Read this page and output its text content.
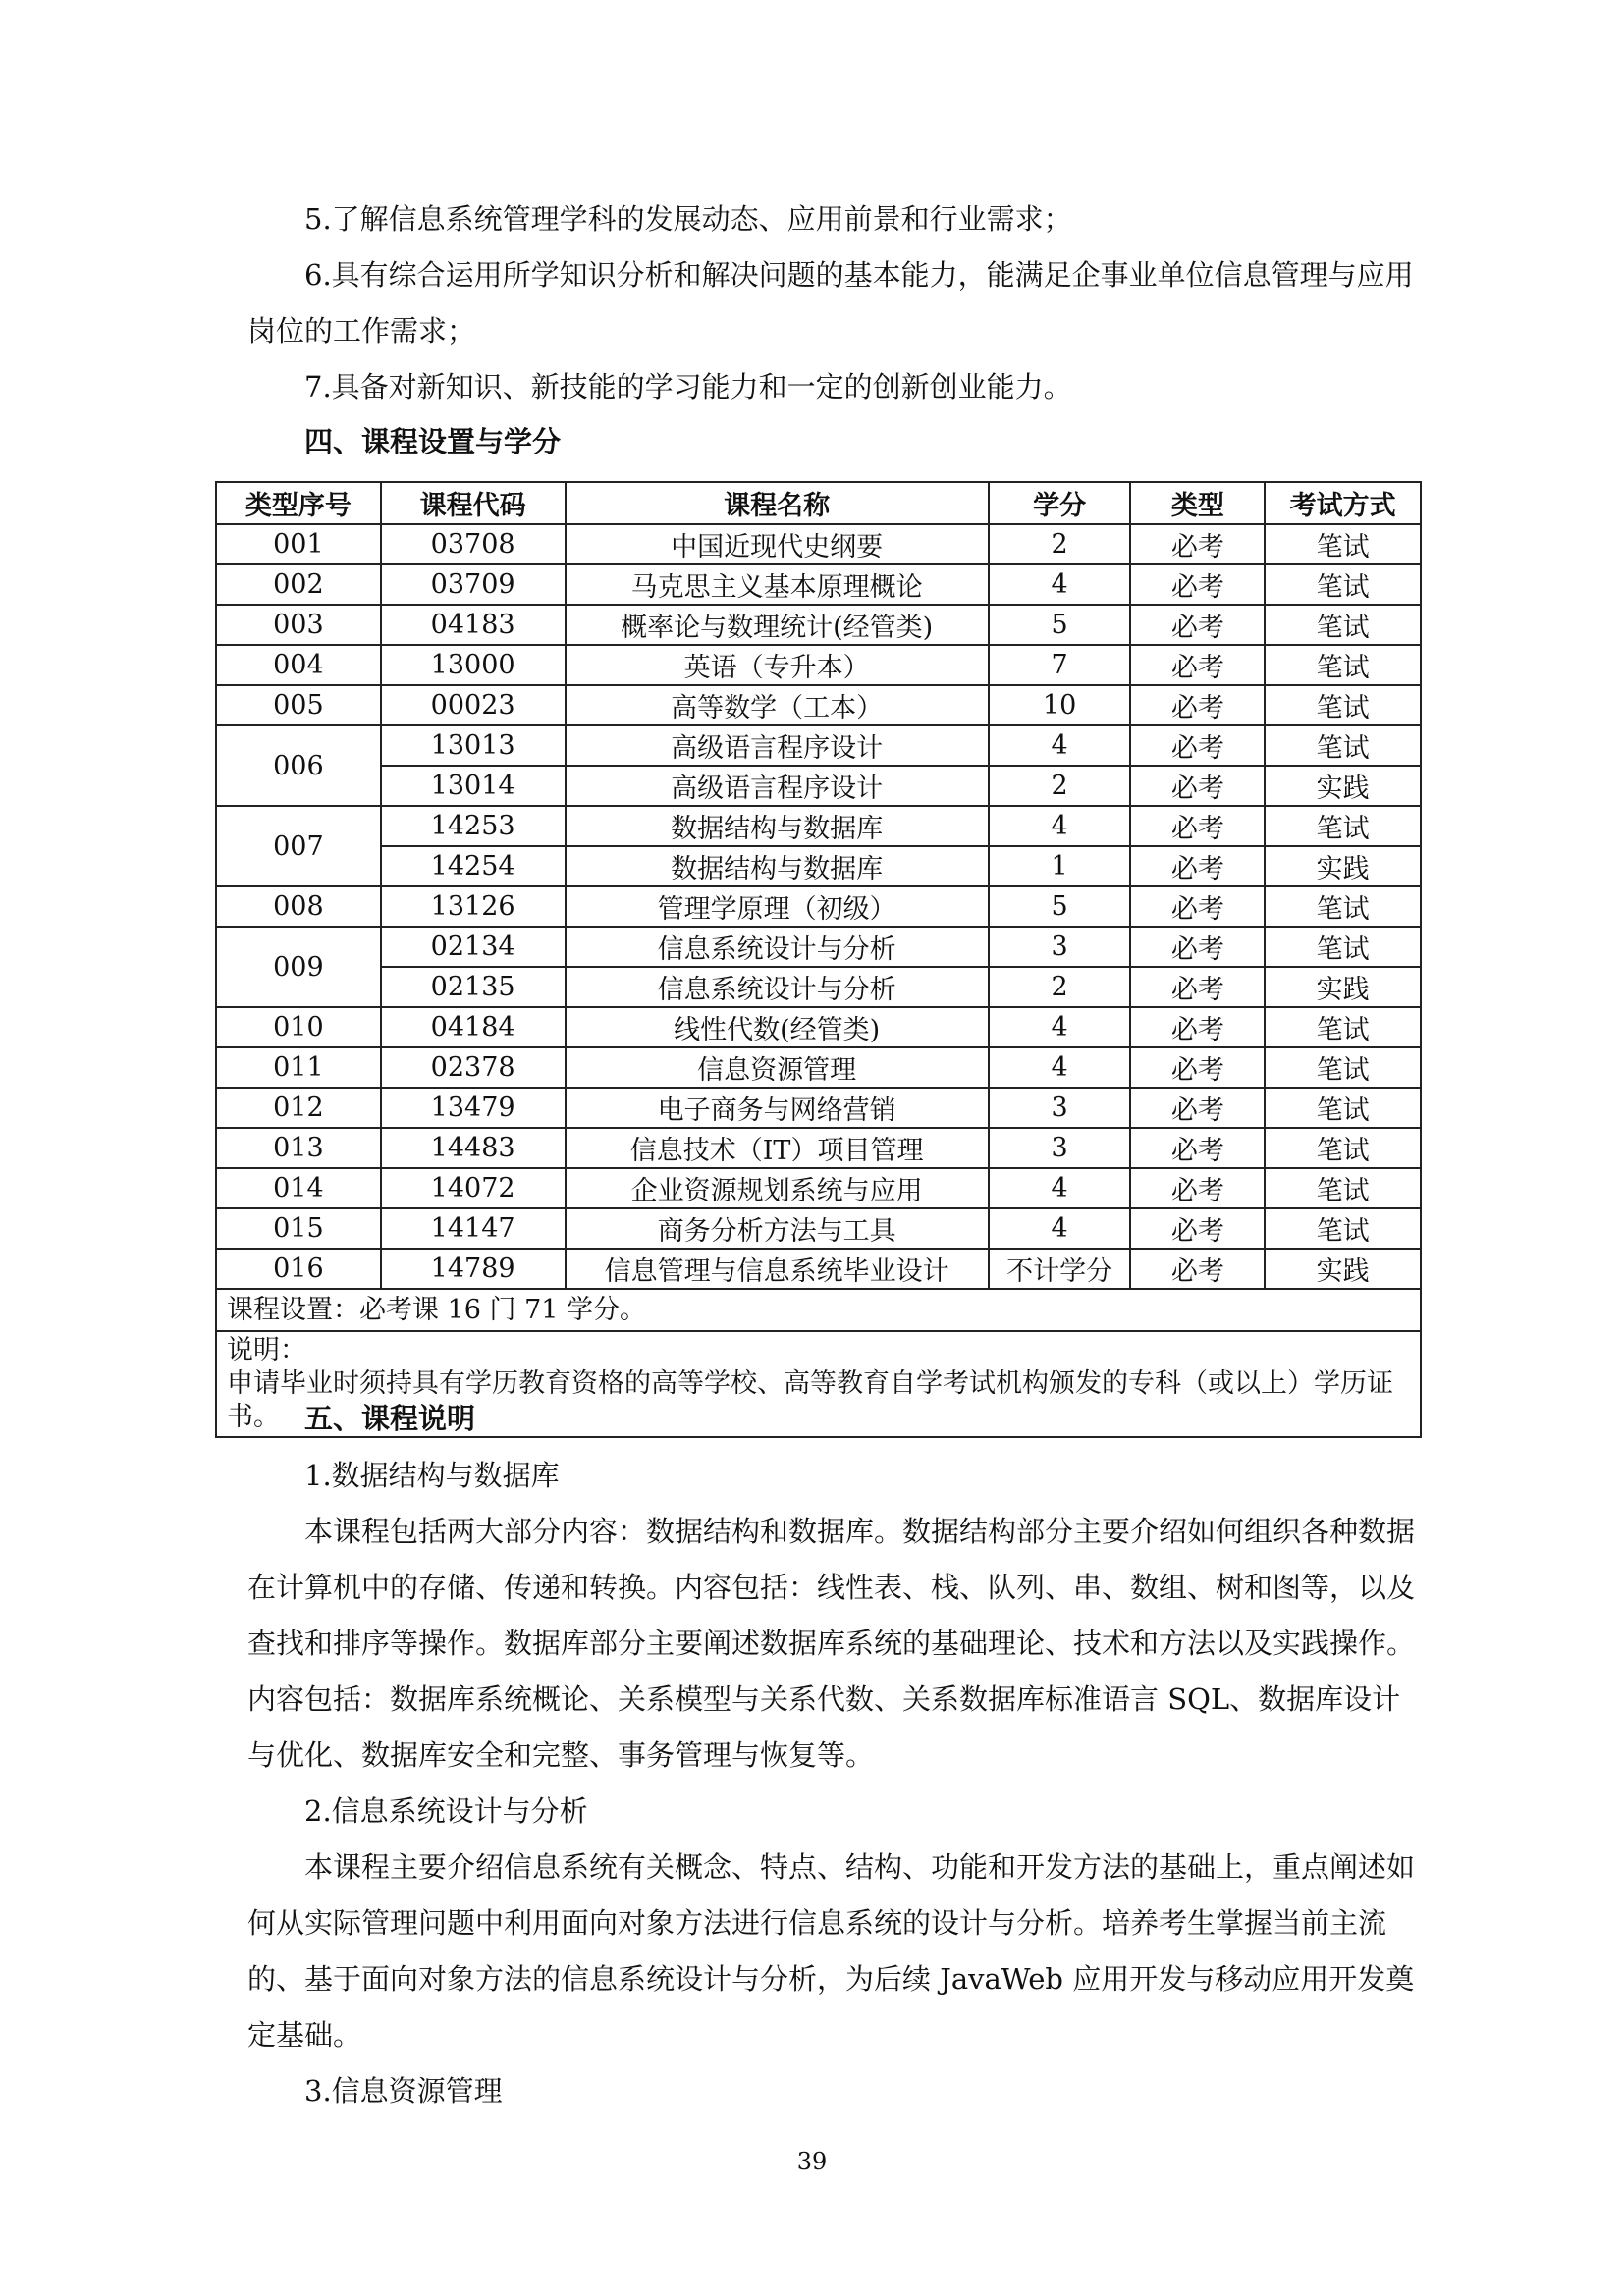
5.了解信息系统管理学科的发展动态、应用前景和行业需求；

6.具有综合运用所学知识分析和解决问题的基本能力，能满足企事业单位信息管理与应用岗位的工作需求；

7.具备对新知识、新技能的学习能力和一定的创新创业能力。

四、课程设置与学分

类型序号	课程代码	课程名称	学分	类型	考试方式
001	03708	中国近现代史纲要	2	必考	笔试
002	03709	马克思主义基本原理概论	4	必考	笔试
003	04183	概率论与数理统计(经管类)	5	必考	笔试
004	13000	英语（专升本）	7	必考	笔试
005	00023	高等数学（工本）	10	必考	笔试
006	13013	高级语言程序设计	4	必考	笔试
	13014	高级语言程序设计	2	必考	实践
007	14253	数据结构与数据库	4	必考	笔试
	14254	数据结构与数据库	1	必考	实践
008	13126	管理学原理（初级）	5	必考	笔试
009	02134	信息系统设计与分析	3	必考	笔试
	02135	信息系统设计与分析	2	必考	实践
010	04184	线性代数(经管类)	4	必考	笔试
011	02378	信息资源管理	4	必考	笔试
012	13479	电子商务与网络营销	3	必考	笔试
013	14483	信息技术（IT）项目管理	3	必考	笔试
014	14072	企业资源规划系统与应用	4	必考	笔试
015	14147	商务分析方法与工具	4	必考	笔试
016	14789	信息管理与信息系统毕业设计	不计学分	必考	实践
课程设置：必考课 16 门 71 学分。					

说明：
申请毕业时须持具有学历教育资格的高等学校、高等教育自学考试机构颁发的专科（或以上）学历证书。					五、课程说明

1.数据结构与数据库

本课程包括两大部分内容：数据结构和数据库。数据结构部分主要介绍如何组织各种数据在计算机中的存储、传递和转换。内容包括：线性表、栈、队列、串、数组、树和图等，以及查找和排序等操作。数据库部分主要阐述数据库系统的基础理论、技术和方法以及实践操作。内容包括：数据库系统概论、关系模型与关系代数、关系数据库标准语言 SQL、数据库设计与优化、数据库安全和完整、事务管理与恢复等。

2.信息系统设计与分析

本课程主要介绍信息系统有关概念、特点、结构、功能和开发方法的基础上，重点阐述如何从实际管理问题中利用面向对象方法进行信息系统的设计与分析。培养考生掌握当前主流的、基于面向对象方法的信息系统设计与分析，为后续 JavaWeb 应用开发与移动应用开发奠定基础。

3.信息资源管理

39
